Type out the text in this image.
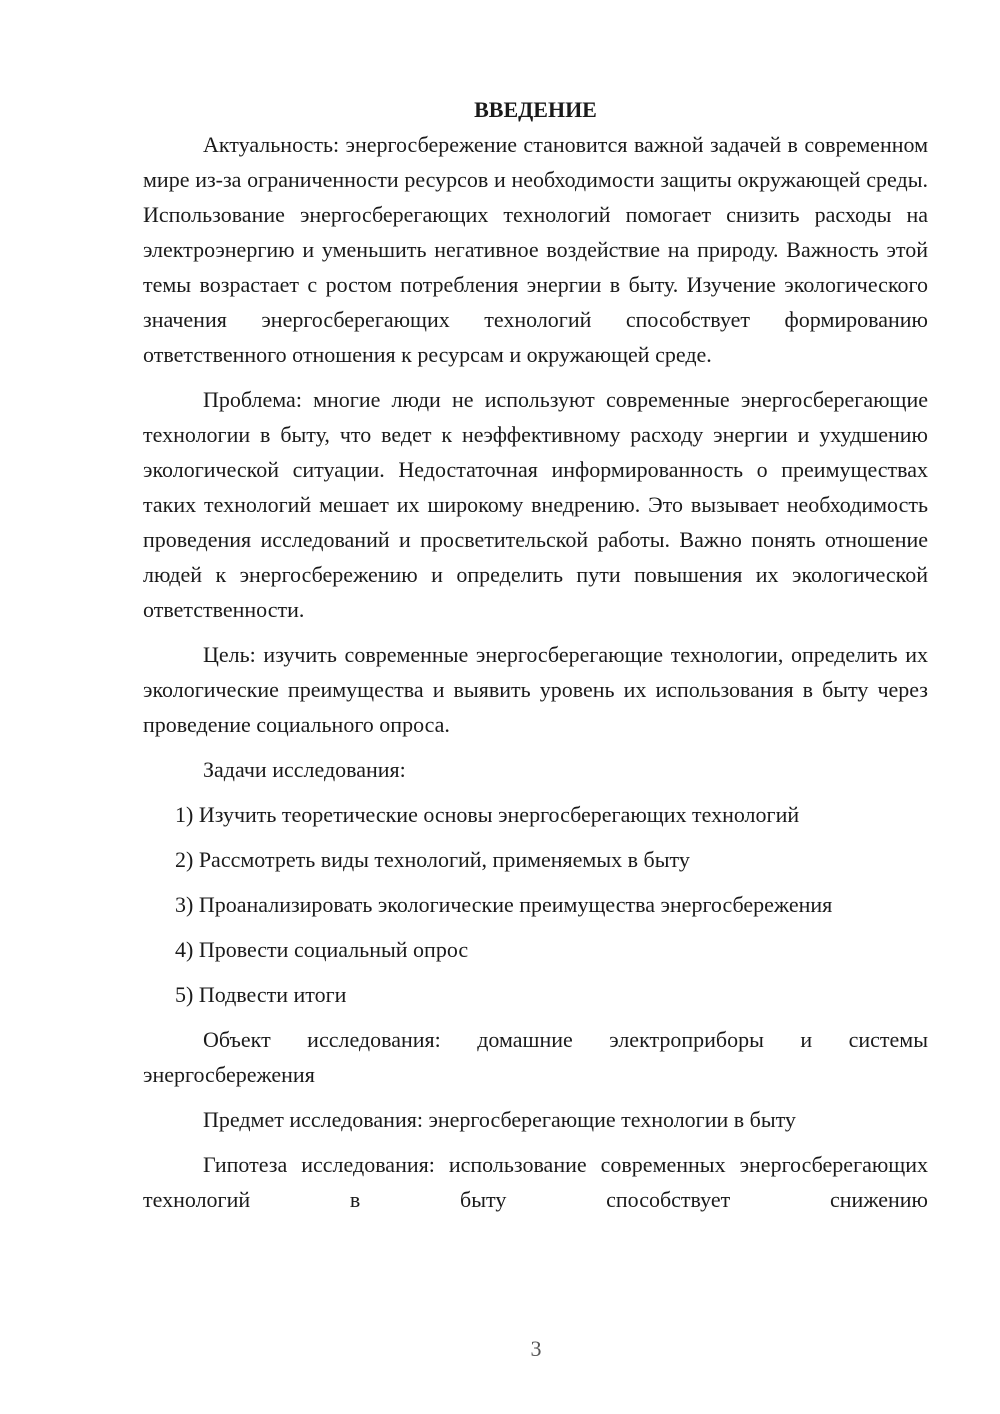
ВВЕДЕНИЕ

Актуальность: энергосбережение становится важной задачей в современном мире из-за ограниченности ресурсов и необходимости защиты окружающей среды. Использование энергосберегающих технологий помогает снизить расходы на электроэнергию и уменьшить негативное воздействие на природу. Важность этой темы возрастает с ростом потребления энергии в быту. Изучение экологического значения энергосберегающих технологий способствует формированию ответственного отношения к ресурсам и окружающей среде.

Проблема: многие люди не используют современные энергосберегающие технологии в быту, что ведет к неэффективному расходу энергии и ухудшению экологической ситуации. Недостаточная информированность о преимуществах таких технологий мешает их широкому внедрению. Это вызывает необходимость проведения исследований и просветительской работы. Важно понять отношение людей к энергосбережению и определить пути повышения их экологической ответственности.

Цель: изучить современные энергосберегающие технологии, определить их экологические преимущества и выявить уровень их использования в быту через проведение социального опроса.

Задачи исследования:

1) Изучить теоретические основы энергосберегающих технологий
2) Рассмотреть виды технологий, применяемых в быту
3) Проанализировать экологические преимущества энергосбережения
4) Провести социальный опрос
5) Подвести итоги

Объект исследования: домашние электроприборы и системы энергосбережения

Предмет исследования: энергосберегающие технологии в быту

Гипотеза исследования: использование современных энергосберегающих технологий в быту способствует снижению

3
